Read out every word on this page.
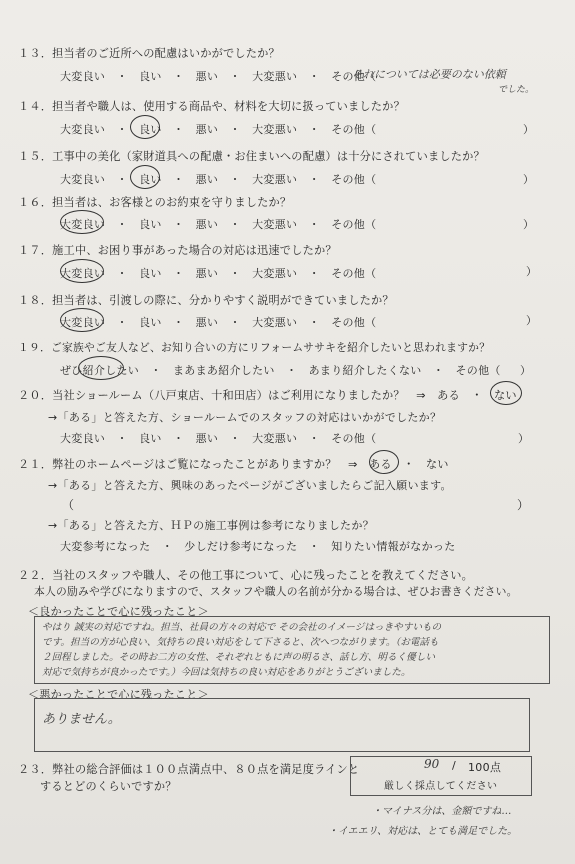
１３．担当者のご近所への配慮はいかがでしたか？
大変良い　・　良い　・　悪い　・　大変悪い　・　その他（
それについては必要のない依頼
でした。
１４．担当者や職人は、使用する商品や、材料を大切に扱っていましたか？
大変良い　・　良い　・　悪い　・　大変悪い　・　その他（	）
１５．工事中の美化（家財道具への配慮・お住まいへの配慮）は十分にされていましたか？
大変良い　・　良い　・　悪い　・　大変悪い　・　その他（	）
１６．担当者は、お客様とのお約束を守りましたか？
大変良い　・　良い　・　悪い　・　大変悪い　・　その他（	）
１７．施工中、お困り事があった場合の対応は迅速でしたか？
大変良い　・　良い　・　悪い　・　大変悪い　・　その他（	）
１８．担当者は、引渡しの際に、分かりやすく説明ができていましたか？
大変良い　・　良い　・　悪い　・　大変悪い　・　その他（	）
１９．ご家族やご友人など、お知り合いの方にリフォームササキを紹介したいと思われますか？
ぜひ紹介したい　・　まあまあ紹介したい　・　あまり紹介したくない　・　その他（ ）
２０．当社ショールーム（八戸東店、十和田店）はご利用になりましたか？　⇒　ある　・　ない
→「ある」と答えた方、ショールームでのスタッフの対応はいかがでしたか？
大変良い　・　良い　・　悪い　・　大変悪い　・　その他（	）
２１．弊社のホームページはご覧になったことがありますか？　⇒　ある　・　ない
→「ある」と答えた方、興味のあったページがございましたらご記入願います。
（	）
→「ある」と答えた方、ＨＰの施工事例は参考になりましたか？
大変参考になった　・　少しだけ参考になった　・　知りたい情報がなかった
２２．当社のスタッフや職人、その他工事について、心に残ったことを教えてください。
本人の励みや学びになりますので、スタッフや職人の名前が分かる場合は、ぜひお書きください。
＜良かったことで心に残ったこと＞
やはり 誠実の対応ですね。担当、社員の方々の対応で その会社のイメージはっきやすいもの
です。担当の方が心良い、気持ちの良い対応をして下さると、次へつながります。（お電話も
２回程しました。その時お二方の女性、それぞれともに声の明るさ、話し方、明るく優しい
対応で気持ちが良かったです。）今回は気持ちの良い対応をありがとうございました。
＜悪かったことで心に残ったこと＞
ありません。
２３．弊社の総合評価は１００点満点中、８０点を満足度ラインと
するとどのくらいですか？
90 / 100点
厳しく採点してください
・マイナス分は、金額ですね…
・イエエリ、対応は、とても満足でした。
